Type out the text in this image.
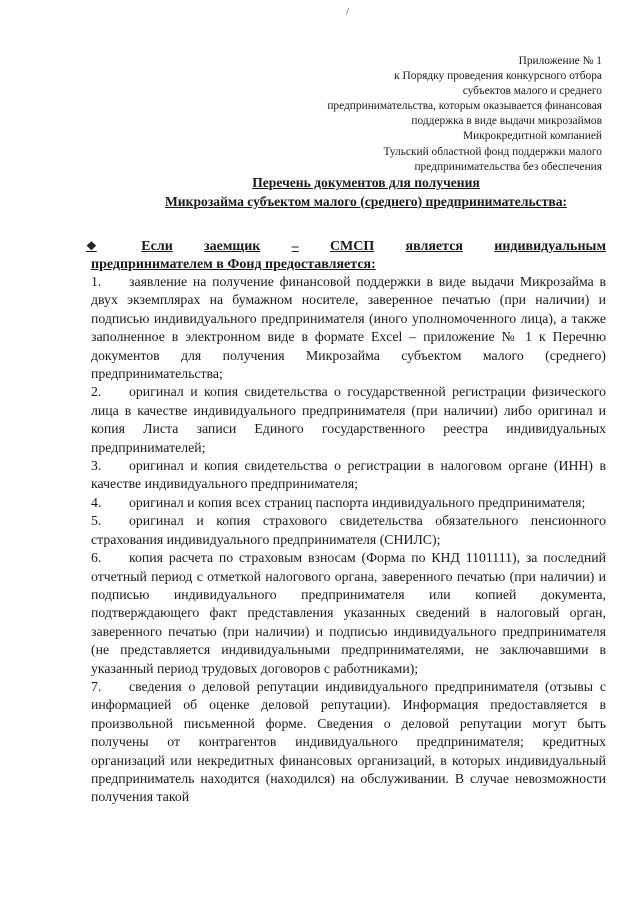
/
Приложение № 1
к Порядку проведения конкурсного отбора
субъектов малого и среднего
предпринимательства, которым оказывается финансовая
поддержка в виде выдачи микрозаймов
Микрокредитной компанией
Тульский областной фонд поддержки малого
предпринимательства без обеспечения
Перечень документов для получения
Микрозайма субъектом малого (среднего) предпринимательства:
❖	Если заемщик – СМСП является индивидуальным
предпринимателем в Фонд предоставляется:

1. заявление на получение финансовой поддержки в виде выдачи Микрозайма в двух экземплярах на бумажном носителе, заверенное печатью (при наличии) и подписью индивидуального предпринимателя (иного уполномоченного лица), а также заполненное в электронном виде в формате Excel – приложение № 1 к Перечню документов для получения Микрозайма субъектом малого (среднего) предпринимательства;

2. оригинал и копия свидетельства о государственной регистрации физического лица в качестве индивидуального предпринимателя (при наличии) либо оригинал и копия Листа записи Единого государственного реестра индивидуальных предпринимателей;

3. оригинал и копия свидетельства о регистрации в налоговом органе (ИНН) в качестве индивидуального предпринимателя;

4. оригинал и копия всех страниц паспорта индивидуального предпринимателя;

5. оригинал и копия страхового свидетельства обязательного пенсионного страхования индивидуального предпринимателя (СНИЛС);

6. копия расчета по страховым взносам (Форма по КНД 1101111), за последний отчетный период с отметкой налогового органа, заверенного печатью (при наличии) и подписью индивидуального предпринимателя или копией документа, подтверждающего факт представления указанных сведений в налоговый орган, заверенного печатью (при наличии) и подписью индивидуального предпринимателя (не представляется индивидуальными предпринимателями, не заключавшими в указанный период трудовых договоров с работниками);

7. сведения о деловой репутации индивидуального предпринимателя (отзывы с информацией об оценке деловой репутации). Информация предоставляется в произвольной письменной форме. Сведения о деловой репутации могут быть получены от контрагентов индивидуального предпринимателя; кредитных организаций или некредитных финансовых организаций, в которых индивидуальный предприниматель находится (находился) на обслуживании. В случае невозможности получения такой
